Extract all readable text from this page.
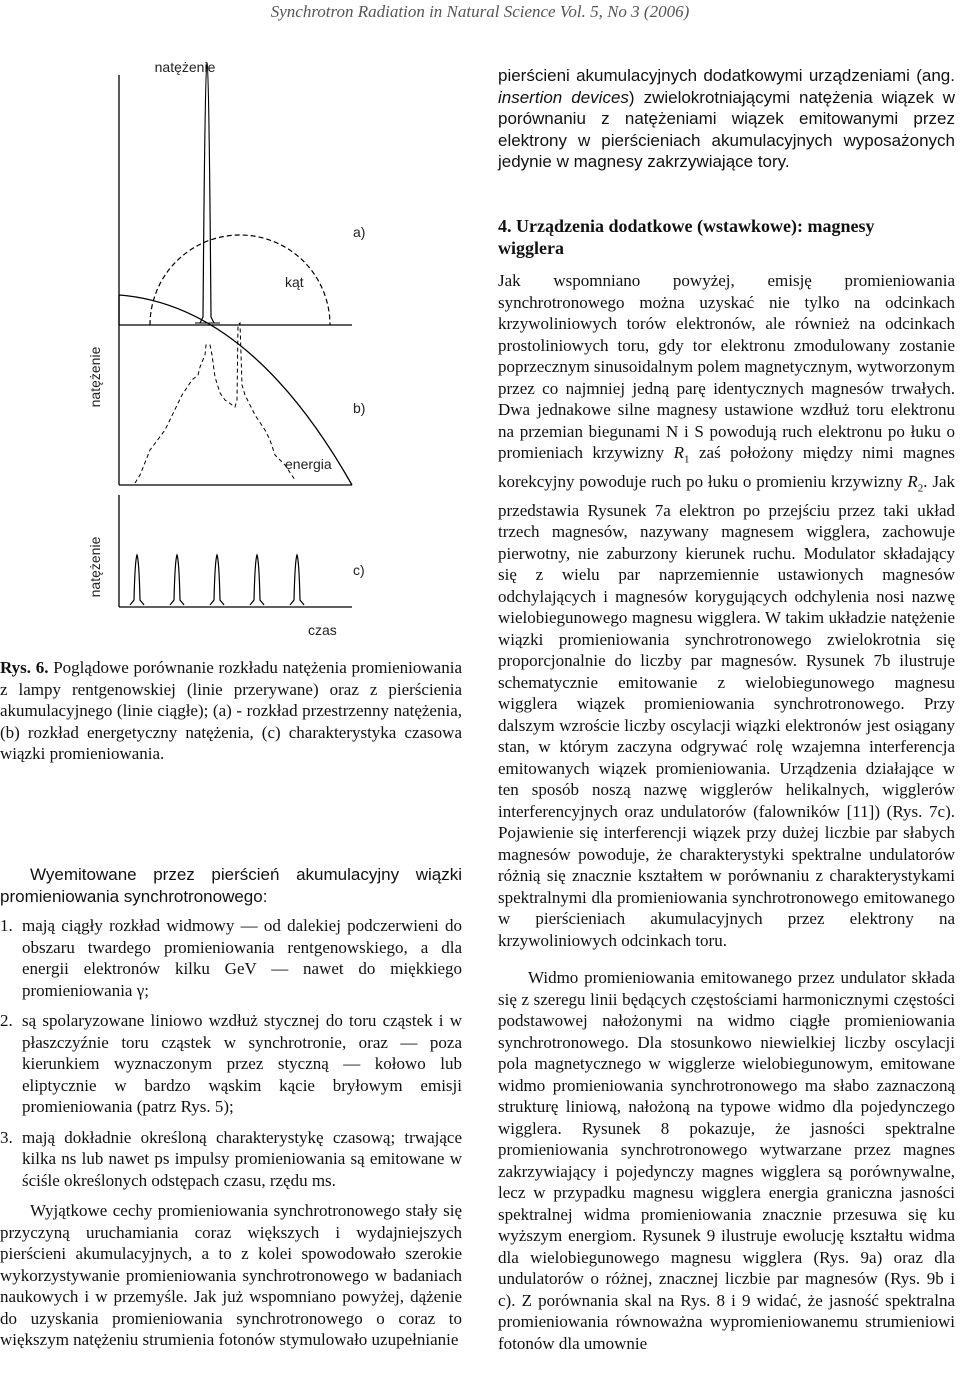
Synchrotron Radiation in Natural Science Vol. 5, No 3 (2006)
natężenie
a)
kąt
natężenie
b)
energia
natężenie	c)
czas
Rys. 6. Poglądowe porównanie rozkładu natężenia promieniowania z lampy rentgenowskiej (linie przerywane) oraz z pierścienia akumulacyjnego (linie ciągłe); (a) - rozkład przestrzenny natężenia, (b) rozkład energetyczny natężenia, (c) charakterystyka czasowa wiązki promieniowania.

Wyemitowane przez pierścień akumulacyjny wiązki promieniowania synchrotronowego:

1. mają ciągły rozkład widmowy — od dalekiej podczerwieni do obszaru twardego promieniowania rentgenowskiego, a dla energii elektronów kilku GeV — nawet do miękkiego promieniowania γ;
2. są spolaryzowane liniowo wzdłuż stycznej do toru cząstek i w płaszczyźnie toru cząstek w synchrotronie, oraz — poza kierunkiem wyznaczonym przez styczną — kołowo lub eliptycznie w bardzo wąskim kącie bryłowym emisji promieniowania (patrz Rys. 5);
3. mają dokładnie określoną charakterystykę czasową; trwające kilka ns lub nawet ps impulsy promieniowania są emitowane w ściśle określonych odstępach czasu, rzędu ms.

Wyjątkowe cechy promieniowania synchrotronowego stały się przyczyną uruchamiania coraz większych i wydajniejszych pierścieni akumulacyjnych, a to z kolei spowodowało szerokie wykorzystywanie promieniowania synchrotronowego w badaniach naukowych i w przemyśle. Jak już wspomniano powyżej, dążenie do uzyskania promieniowania synchrotronowego o coraz to większym natężeniu strumienia fotonów stymulowało uzupełnianie

pierścieni akumulacyjnych dodatkowymi urządzeniami (ang. insertion devices) zwielokrotniającymi natężenia wiązek w porównaniu z natężeniami wiązek emitowanymi przez elektrony w pierścieniach akumulacyjnych wyposażonych jedynie w magnesy zakrzywiające tory.
4. Urządzenia dodatkowe (wstawkowe): magnesy wigglera

Jak wspomniano powyżej, emisję promieniowania synchrotronowego można uzyskać nie tylko na odcinkach krzywoliniowych torów elektronów, ale również na odcinkach prostoliniowych toru, gdy tor elektronu zmodulowany zostanie poprzecznym sinusoidalnym polem magnetycznym, wytworzonym przez co najmniej jedną parę identycznych magnesów trwałych. Dwa jednakowe silne magnesy ustawione wzdłuż toru elektronu na przemian biegunami N i S powodują ruch elektronu po łuku o promieniach krzywizny $R_1$ zaś położony między nimi magnes korekcyjny powoduje ruch po łuku o promieniu krzywizny $R_2$. Jak przedstawia Rysunek 7a elektron po przejściu przez taki układ trzech magnesów, nazywany magnesem wigglera, zachowuje pierwotny, nie zaburzony kierunek ruchu. Modulator składający się z wielu par naprzemiennie ustawionych magnesów odchylających i magnesów korygujących odchylenia nosi nazwę wielobiegunowego magnesu wigglera. W takim układzie natężenie wiązki promieniowania synchrotronowego zwielokrotnia się proporcjonalnie do liczby par magnesów. Rysunek 7b ilustruje schematycznie emitowanie z wielobiegunowego magnesu wigglera wiązek promieniowania synchrotronowego. Przy dalszym wzroście liczby oscylacji wiązki elektronów jest osiągany stan, w którym zaczyna odgrywać rolę wzajemna interferencja emitowanych wiązek promieniowania. Urządzenia działające w ten sposób noszą nazwę wigglerów helikalnych, wigglerów interferencyjnych oraz undulatorów (falowników [11]) (Rys. 7c). Pojawienie się interferencji wiązek przy dużej liczbie par słabych magnesów powoduje, że charakterystyki spektralne undulatorów różnią się znacznie kształtem w porównaniu z charakterystykami spektralnymi dla promieniowania synchrotronowego emitowanego w pierścieniach akumulacyjnych przez elektrony na krzywoliniowych odcinkach toru.

Widmo promieniowania emitowanego przez undulator składa się z szeregu linii będących częstościami harmonicznymi częstości podstawowej nałożonymi na widmo ciągłe promieniowania synchrotronowego. Dla stosunkowo niewielkiej liczby oscylacji pola magnetycznego w wigglerze wielobiegunowym, emitowane widmo promieniowania synchrotronowego ma słabo zaznaczoną strukturę liniową, nałożoną na typowe widmo dla pojedynczego wigglera. Rysunek 8 pokazuje, że jasności spektralne promieniowania synchrotronowego wytwarzane przez magnes zakrzywiający i pojedynczy magnes wigglera są porównywalne, lecz w przypadku magnesu wigglera energia graniczna jasności spektralnej widma promieniowania znacznie przesuwa się ku wyższym energiom. Rysunek 9 ilustruje ewolucję kształtu widma dla wielobiegunowego magnesu wigglera (Rys. 9a) oraz dla undulatorów o różnej, znacznej liczbie par magnesów (Rys. 9b i c). Z porównania skal na Rys. 8 i 9 widać, że jasność spektralna promieniowania równoważna wypromieniowanemu strumieniowi fotonów dla umownie
